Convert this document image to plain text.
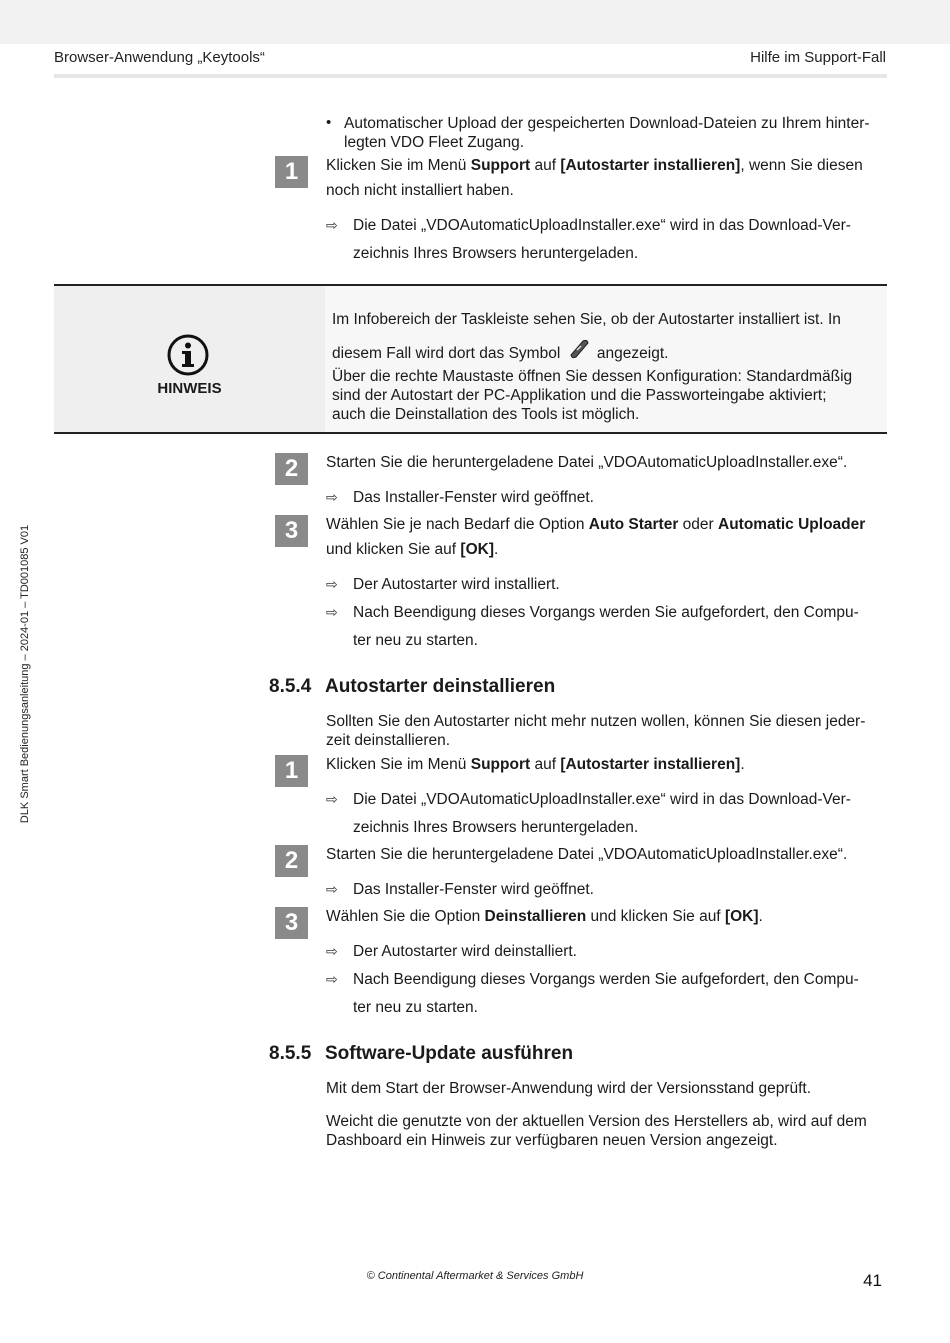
Browser-Anwendung „Keytools“	Hilfe im Support-Fall
DLK Smart Bedienungsanleitung – 2024-01 – TD001085 V01
• Automatischer Upload der gespeicherten Download-Dateien zu Ihrem hinter-
legten VDO Fleet Zugang.
1	Klicken Sie im Menü Support auf [Autostarter installieren], wenn Sie diesen
noch nicht installiert haben.
⇨ Die Datei „VDOAutomaticUploadInstaller.exe“ wird in das Download-Ver-
zeichnis Ihres Browsers heruntergeladen.
HINWEIS
Im Infobereich der Taskleiste sehen Sie, ob der Autostarter installiert ist. In
diesem Fall wird dort das Symbol angezeigt.
Über die rechte Maustaste öffnen Sie dessen Konfiguration: Standardmäßig
sind der Autostart der PC-Applikation und die Passworteingabe aktiviert;
auch die Deinstallation des Tools ist möglich.
2	Starten Sie die heruntergeladene Datei „VDOAutomaticUploadInstaller.exe“.
⇨ Das Installer-Fenster wird geöffnet.
3	Wählen Sie je nach Bedarf die Option Auto Starter oder Automatic Uploader
und klicken Sie auf [OK].
⇨ Der Autostarter wird installiert.
⇨ Nach Beendigung dieses Vorgangs werden Sie aufgefordert, den Compu-
ter neu zu starten.
8.5.4 Autostarter deinstallieren
Sollten Sie den Autostarter nicht mehr nutzen wollen, können Sie diesen jeder-
zeit deinstallieren.
1	Klicken Sie im Menü Support auf [Autostarter installieren].
⇨ Die Datei „VDOAutomaticUploadInstaller.exe“ wird in das Download-Ver-
zeichnis Ihres Browsers heruntergeladen.
2	Starten Sie die heruntergeladene Datei „VDOAutomaticUploadInstaller.exe“.
⇨ Das Installer-Fenster wird geöffnet.
3	Wählen Sie die Option Deinstallieren und klicken Sie auf [OK].
⇨ Der Autostarter wird deinstalliert.
⇨ Nach Beendigung dieses Vorgangs werden Sie aufgefordert, den Compu-
ter neu zu starten.
8.5.5 Software-Update ausführen
Mit dem Start der Browser-Anwendung wird der Versionsstand geprüft.
Weicht die genutzte von der aktuellen Version des Herstellers ab, wird auf dem
Dashboard ein Hinweis zur verfügbaren neuen Version angezeigt.
© Continental Aftermarket & Services GmbH	41
